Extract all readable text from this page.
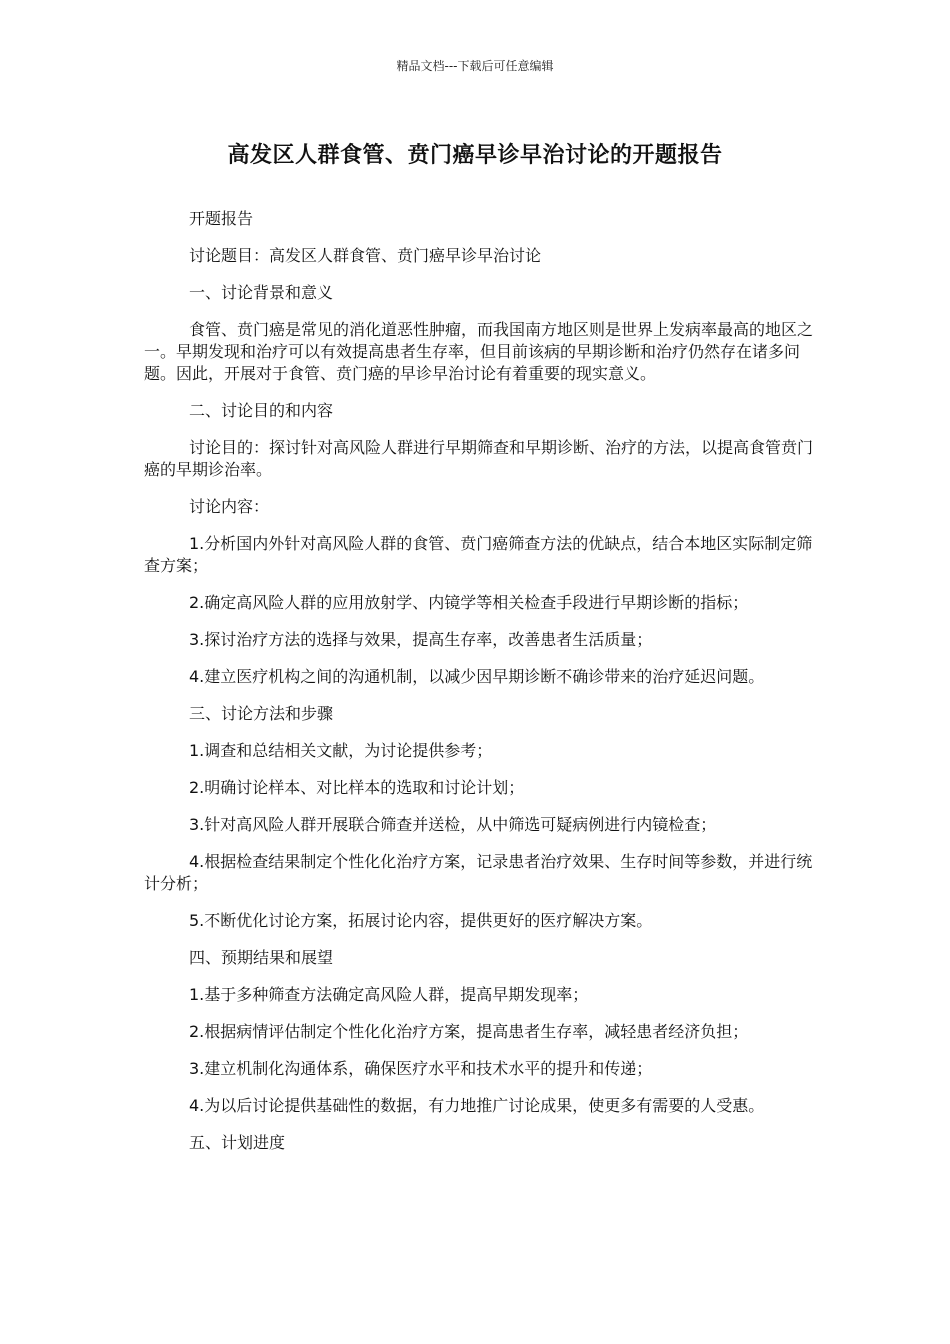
精品文档---下载后可任意编辑
高发区人群食管、贲门癌早诊早治讨论的开题报告

开题报告

讨论题目：高发区人群食管、贲门癌早诊早治讨论

一、讨论背景和意义

食管、贲门癌是常见的消化道恶性肿瘤，而我国南方地区则是世界上发病率最高的地区之一。早期发现和治疗可以有效提高患者生存率，但目前该病的早期诊断和治疗仍然存在诸多问题。因此，开展对于食管、贲门癌的早诊早治讨论有着重要的现实意义。

二、讨论目的和内容

讨论目的：探讨针对高风险人群进行早期筛查和早期诊断、治疗的方法，以提高食管贲门癌的早期诊治率。

讨论内容：

1.分析国内外针对高风险人群的食管、贲门癌筛查方法的优缺点，结合本地区实际制定筛查方案；

2.确定高风险人群的应用放射学、内镜学等相关检查手段进行早期诊断的指标；

3.探讨治疗方法的选择与效果，提高生存率，改善患者生活质量；

4.建立医疗机构之间的沟通机制，以减少因早期诊断不确诊带来的治疗延迟问题。

三、讨论方法和步骤

1.调查和总结相关文献，为讨论提供参考；

2.明确讨论样本、对比样本的选取和讨论计划；

3.针对高风险人群开展联合筛查并送检，从中筛选可疑病例进行内镜检查；

4.根据检查结果制定个性化化治疗方案，记录患者治疗效果、生存时间等参数，并进行统计分析；

5.不断优化讨论方案，拓展讨论内容，提供更好的医疗解决方案。

四、预期结果和展望

1.基于多种筛查方法确定高风险人群，提高早期发现率；

2.根据病情评估制定个性化化治疗方案，提高患者生存率，减轻患者经济负担；

3.建立机制化沟通体系，确保医疗水平和技术水平的提升和传递；

4.为以后讨论提供基础性的数据，有力地推广讨论成果，使更多有需要的人受惠。

五、计划进度
